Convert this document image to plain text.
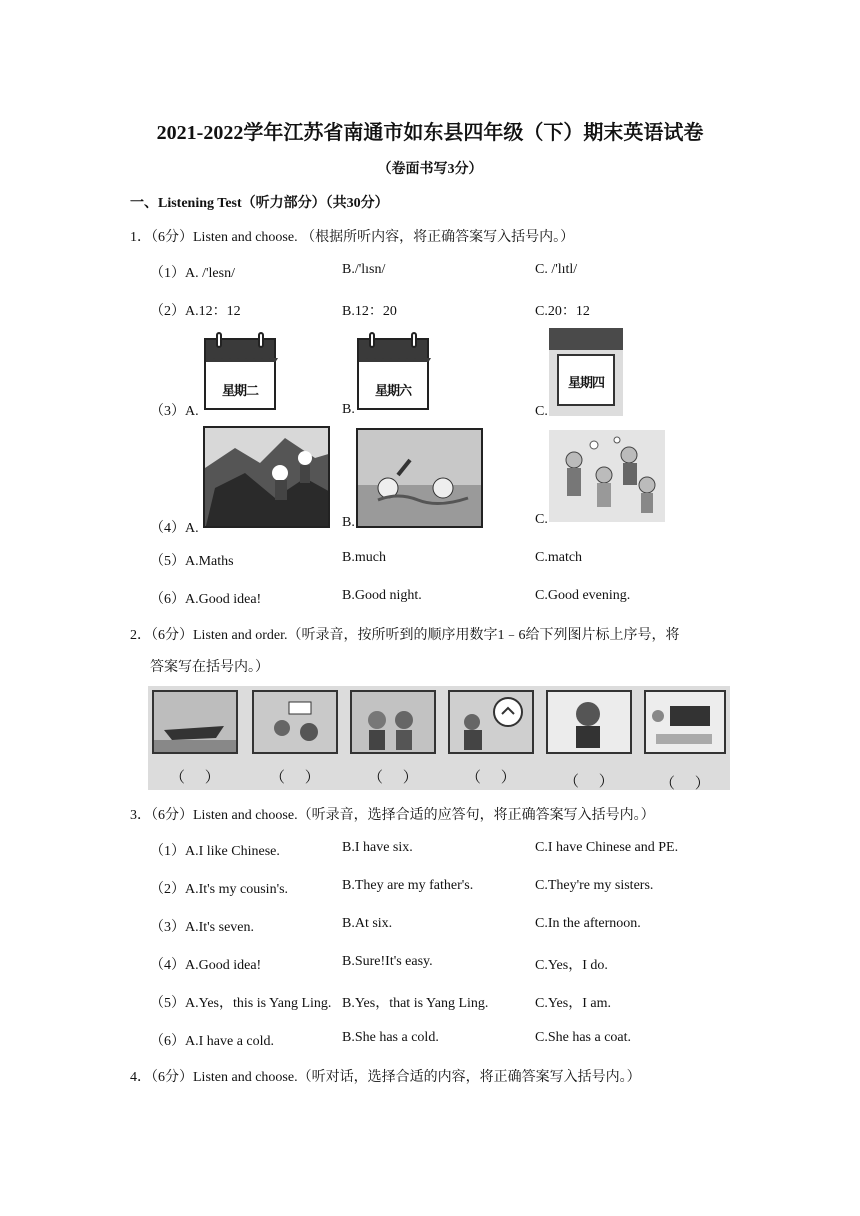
2021-2022学年江苏省南通市如东县四年级（下）期末英语试卷
（卷面书写3分）
一、Listening Test（听力部分）（共30分）
1．（6分）Listen and choose. （根据所听内容，将正确答案写入括号内。）
（1）A. /'lesn/	B./'lısn/	C. /'lıtl/
（2）A.12：12	B.12：20	C.20：12
（3）A.	B.	C.
星期二	星期六
星期四
（4）A.	B.	C.
（5）A.Maths	B.much	C.match
（6）A.Good idea!	B.Good night.	C.Good evening.
2．（6分）Listen and order.（听录音，按所听到的顺序用数字1﹣6给下列图片标上序号，将
答案写在括号内。）
（　 ）	（　 ）	（　 ）	（　 ）	（　 ）	（　 ）
3．（6分）Listen and choose.（听录音，选择合适的应答句，将正确答案写入括号内。）
（1）A.I like Chinese.	B.I have six.	C.I have Chinese and PE.
（2）A.It's my cousin's.	B.They are my father's.	C.They're my sisters.
（3）A.It's seven.	B.At six.	C.In the afternoon.
（4）A.Good idea!	B.Sure!It's easy.	C.Yes，I do.
（5）A.Yes，this is Yang Ling. B.Yes，that is Yang Ling.	C.Yes，I am.
（6）A.I have a cold.	B.She has a cold.	C.She has a coat.
4．（6分）Listen and choose.（听对话，选择合适的内容，将正确答案写入括号内。）
